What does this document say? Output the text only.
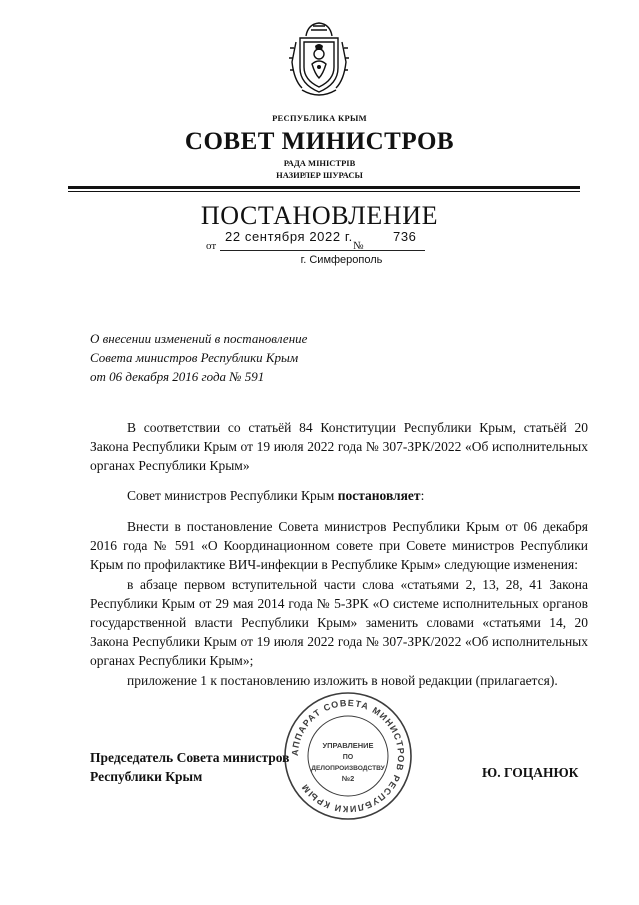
РЕСПУБЛИКА КРЫМ
СОВЕТ МИНИСТРОВ
РАДА МІНІСТРІВ
НАЗИРЛЕР ШУРАСЫ
ПОСТАНОВЛЕНИЕ
от
22 сентября 2022 г.
№
736
г. Симферополь
О внесении изменений в постановление
Совета министров Республики Крым
от 06 декабря 2016 года № 591
В соответствии со статьёй 84 Конституции Республики Крым, статьёй 20 Закона Республики Крым от 19 июля 2022 года № 307-ЗРК/2022 «Об исполнительных органах Республики Крым»
Совет министров Республики Крым постановляет:
Внести в постановление Совета министров Республики Крым от 06 декабря 2016 года № 591 «О Координационном совете при Совете министров Республики Крым по профилактике ВИЧ-инфекции в Республике Крым» следующие изменения:
в абзаце первом вступительной части слова «статьями 2, 13, 28, 41 Закона Республики Крым от 29 мая 2014 года № 5-ЗРК «О системе исполнительных органов государственной власти Республики Крым» заменить словами «статьями 14, 20 Закона Республики Крым от 19 июля 2022 года № 307-ЗРК/2022 «Об исполнительных органах Республики Крым»;
приложение 1 к постановлению изложить в новой редакции (прилагается).
Председатель Совета министров
Республики Крым	Ю. ГОЦАНЮК
АППАРАТ СОВЕТА МИНИСТРОВ РЕСПУБЛИКИ КРЫМ
УПРАВЛЕНИЕ
ПО
ДЕЛОПРОИЗВОДСТВУ
№2
